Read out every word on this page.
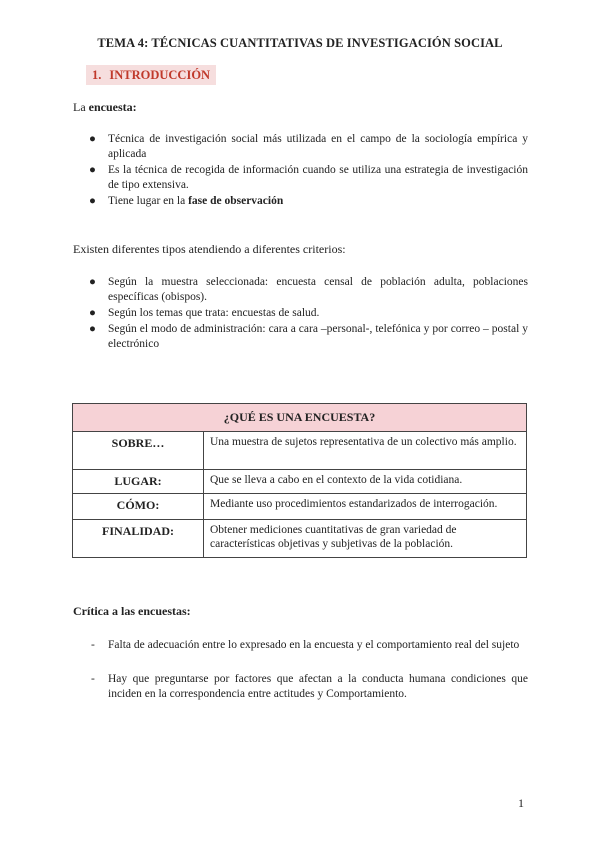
TEMA 4: TÉCNICAS CUANTITATIVAS DE INVESTIGACIÓN SOCIAL
1. INTRODUCCIÓN
La encuesta:
● Técnica de investigación social más utilizada en el campo de la sociología empírica y aplicada
● Es la técnica de recogida de información cuando se utiliza una estrategia de investigación de tipo extensiva.
● Tiene lugar en la fase de observación
Existen diferentes tipos atendiendo a diferentes criterios:
● Según la muestra seleccionada: encuesta censal de población adulta, poblaciones específicas (obispos).
● Según los temas que trata: encuestas de salud.
● Según el modo de administración: cara a cara –personal-, telefónica y por correo – postal y electrónico
¿QUÉ ES UNA ENCUESTA?	
SOBRE…	Una muestra de sujetos representativa de un colectivo más amplio.
LUGAR:	Que se lleva a cabo en el contexto de la vida cotidiana.
CÓMO:	Mediante uso procedimientos estandarizados de interrogación.
FINALIDAD:	Obtener mediciones cuantitativas de gran variedad de características objetivas y subjetivas de la población.
Crítica a las encuestas:
- Falta de adecuación entre lo expresado en la encuesta y el comportamiento real del sujeto
- Hay que preguntarse por factores que afectan a la conducta humana condiciones que inciden en la correspondencia entre actitudes y Comportamiento.
1
